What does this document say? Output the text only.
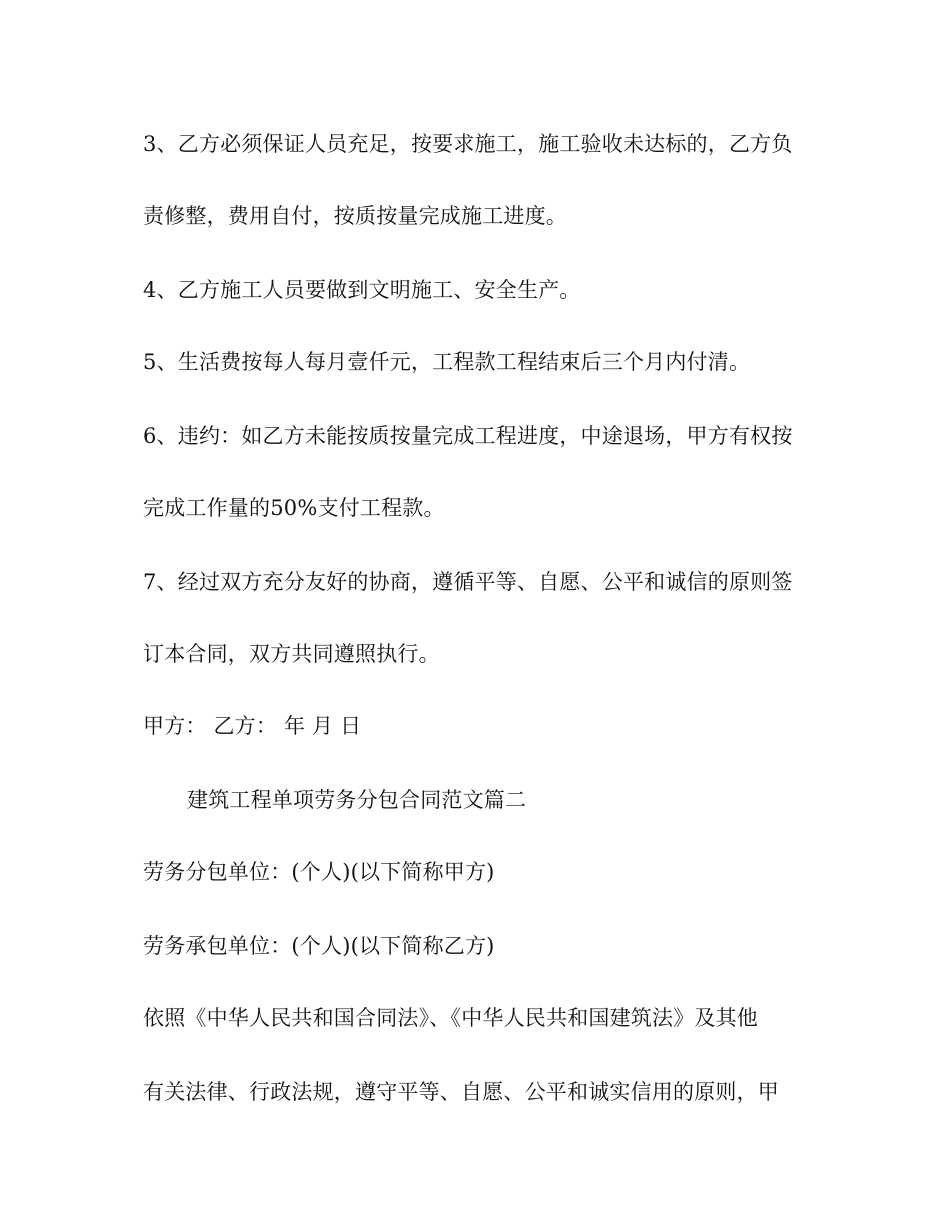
3、乙方必须保证人员充足，按要求施工，施工验收未达标的，乙方负
责修整，费用自付，按质按量完成施工进度。
4、乙方施工人员要做到文明施工、安全生产。
5、生活费按每人每月壹仟元，工程款工程结束后三个月内付清。
6、违约：如乙方未能按质按量完成工程进度，中途退场，甲方有权按
完成工作量的50%支付工程款。
7、经过双方充分友好的协商，遵循平等、自愿、公平和诚信的原则签
订本合同，双方共同遵照执行。
甲方： 乙方： 年 月 日
建筑工程单项劳务分包合同范文篇二
劳务分包单位：(个人)(以下简称甲方)
劳务承包单位：(个人)(以下简称乙方)
依照《中华人民共和国合同法》、《中华人民共和国建筑法》及其他
有关法律、行政法规，遵守平等、自愿、公平和诚实信用的原则，甲
